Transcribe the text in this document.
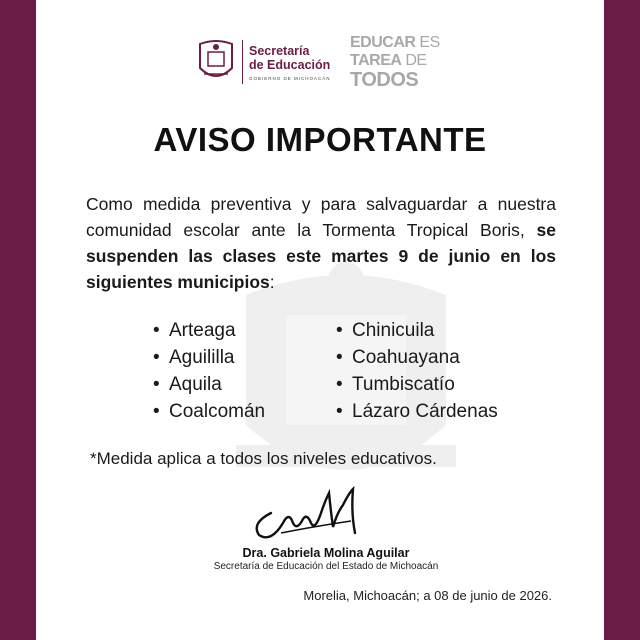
Secretaría
de Educación
GOBIERNO DE MICHOACÁN
EDUCAR ES
TAREA DE
TODOS
AVISO IMPORTANTE
Como medida preventiva y para salvaguardar a nuestra comunidad escolar ante la Tormenta Tropical Boris, se suspenden las clases este martes 9 de junio en los siguientes municipios:
• Arteaga	• Chinicuila
• Aguililla	• Coahuayana
• Aquila	• Tumbiscatío
• Coalcomán	• Lázaro Cárdenas
*Medida aplica a todos los niveles educativos.
Dra. Gabriela Molina Aguilar
Secretaría de Educación del Estado de Michoacán
Morelia, Michoacán; a 08 de junio de 2026.
